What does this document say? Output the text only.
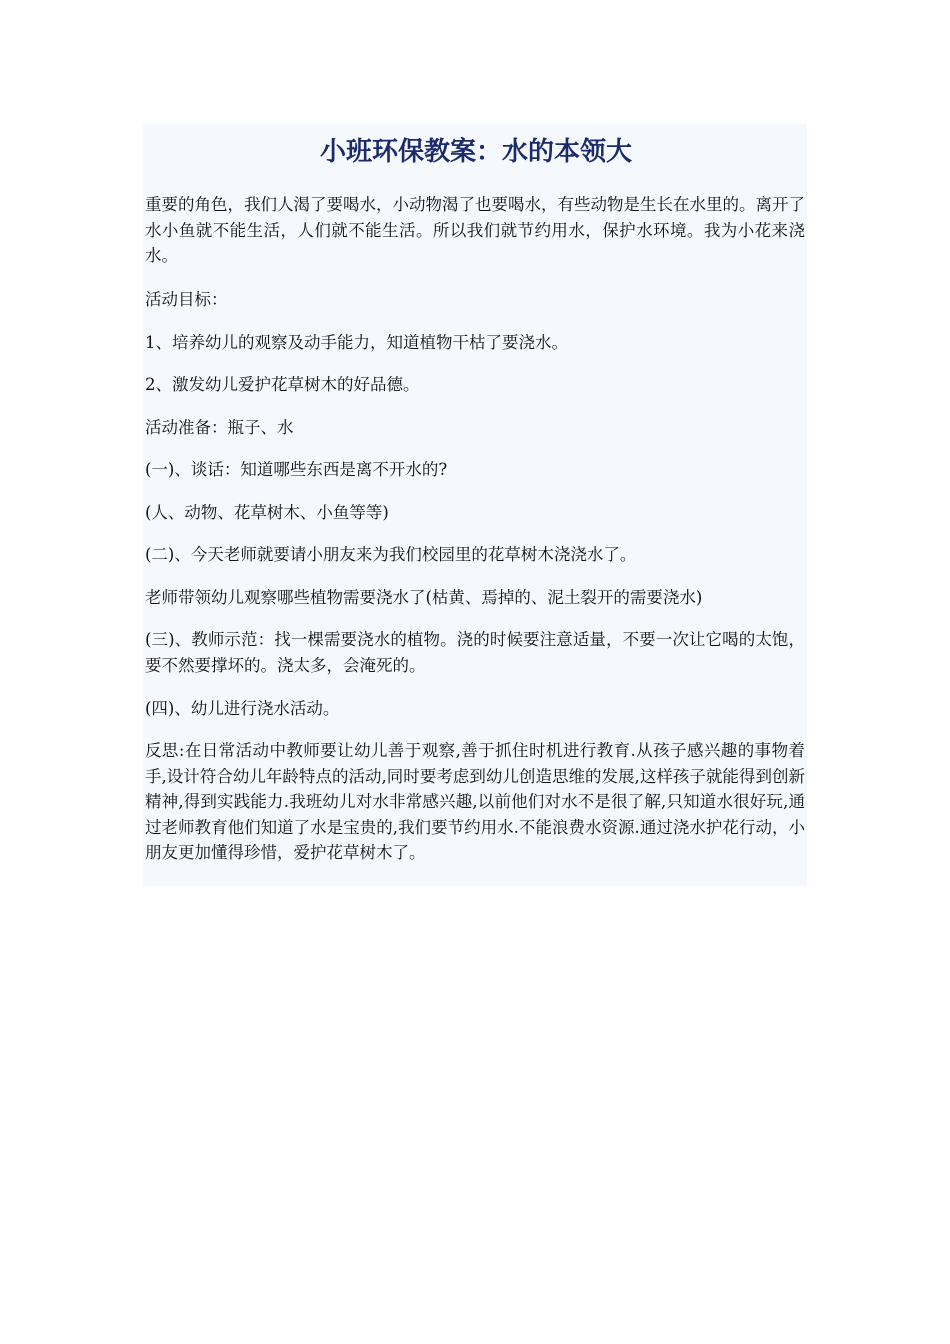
小班环保教案：水的本领大

重要的角色，我们人渴了要喝水，小动物渴了也要喝水，有些动物是生长在水里的。离开了水小鱼就不能生活，人们就不能生活。所以我们就节约用水，保护水环境。我为小花来浇水。

活动目标：

1、培养幼儿的观察及动手能力，知道植物干枯了要浇水。

2、激发幼儿爱护花草树木的好品德。

活动准备：瓶子、水

(一)、谈话：知道哪些东西是离不开水的?

(人、动物、花草树木、小鱼等等)

(二)、今天老师就要请小朋友来为我们校园里的花草树木浇浇水了。

老师带领幼儿观察哪些植物需要浇水了(枯黄、焉掉的、泥土裂开的需要浇水)

(三)、教师示范：找一棵需要浇水的植物。浇的时候要注意适量，不要一次让它喝的太饱，要不然要撑坏的。浇太多，会淹死的。

(四)、幼儿进行浇水活动。

反思:在日常活动中教师要让幼儿善于观察,善于抓住时机进行教育.从孩子感兴趣的事物着手,设计符合幼儿年龄特点的活动,同时要考虑到幼儿创造思维的发展,这样孩子就能得到创新精神,得到实践能力.我班幼儿对水非常感兴趣,以前他们对水不是很了解,只知道水很好玩,通过老师教育他们知道了水是宝贵的,我们要节约用水.不能浪费水资源.通过浇水护花行动，小朋友更加懂得珍惜，爱护花草树木了。
